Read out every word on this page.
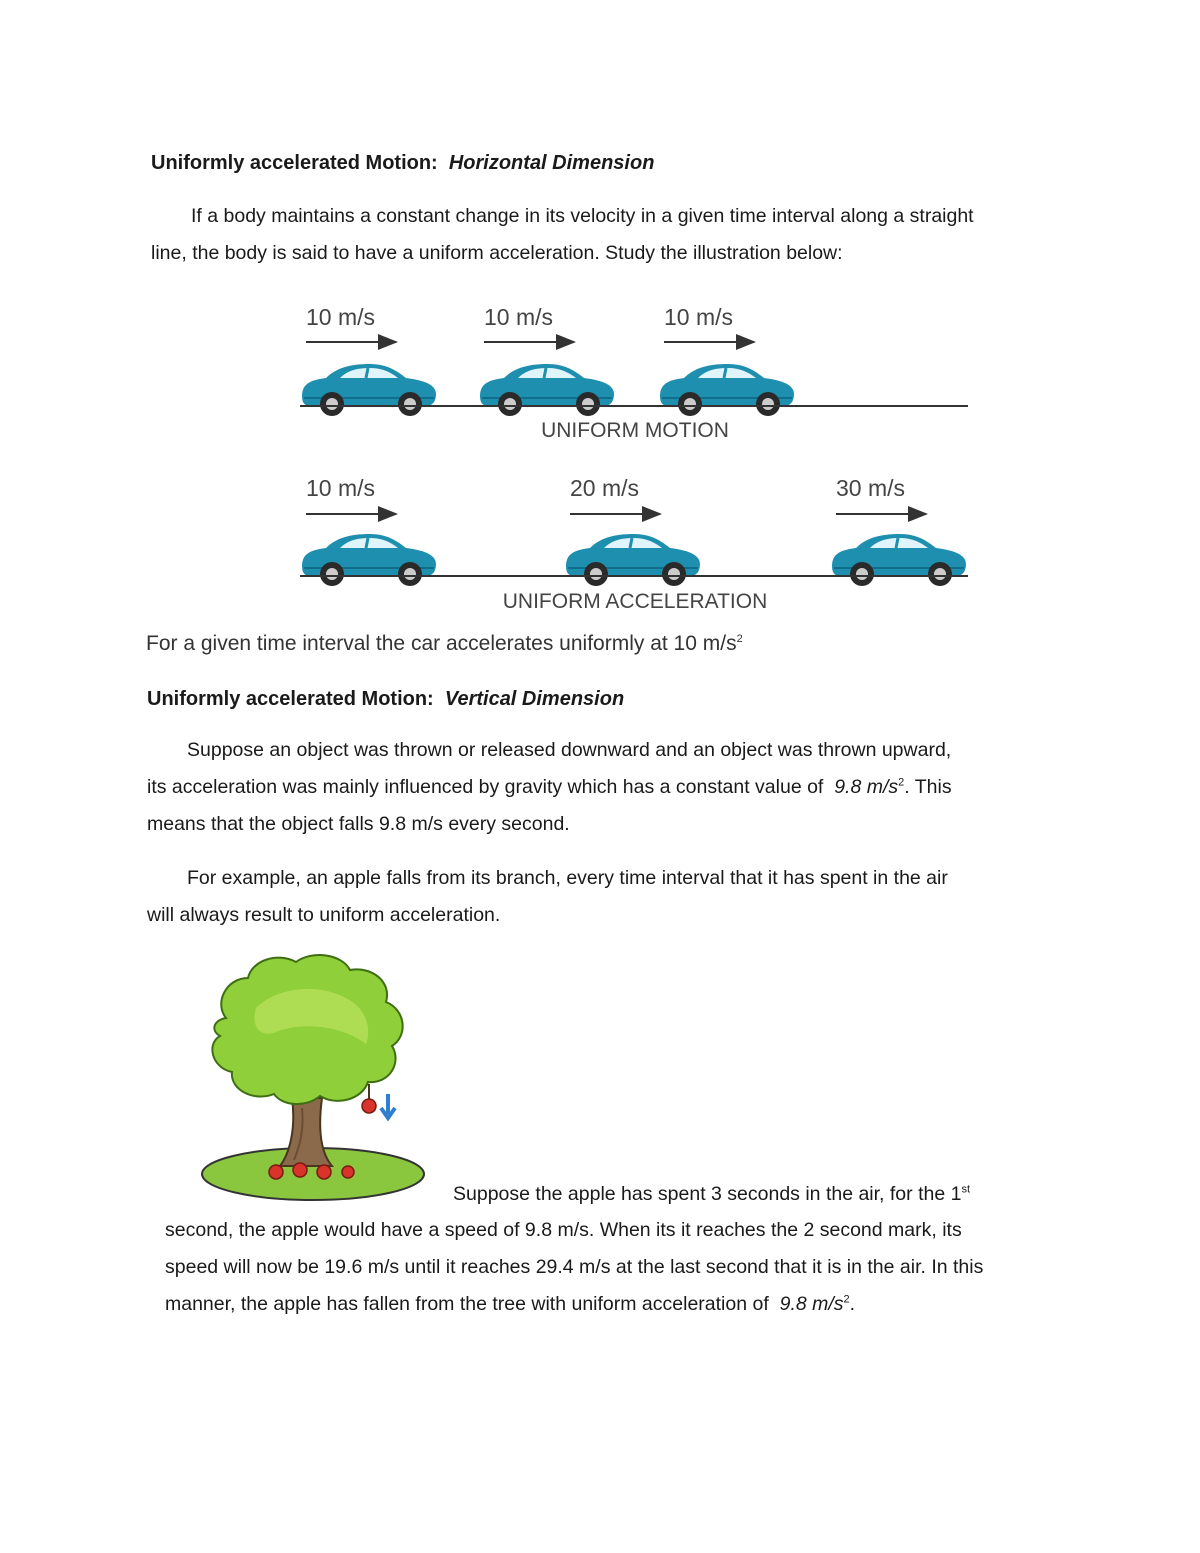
Uniformly accelerated Motion: Horizontal Dimension
If a body maintains a constant change in its velocity in a given time interval along a straight
line, the body is said to have a uniform acceleration. Study the illustration below:
10 m/s	10 m/s	10 m/s
UNIFORM MOTION
10 m/s	20 m/s	30 m/s
UNIFORM ACCELERATION
For a given time interval the car accelerates uniformly at 10 $m/s^2$
Uniformly accelerated Motion: Vertical Dimension
Suppose an object was thrown or released downward and an object was thrown upward,
its acceleration was mainly influenced by gravity which has a constant value of 9.8 $m/s^2$. This
means that the object falls 9.8 m/s every second.
For example, an apple falls from its branch, every time interval that it has spent in the air
will always result to uniform acceleration.
Suppose the apple has spent 3 seconds in the air, for the 1st
second, the apple would have a speed of 9.8 m/s. When its it reaches the 2 second mark, its
speed will now be 19.6 m/s until it reaches 29.4 m/s at the last second that it is in the air. In this
manner, the apple has fallen from the tree with uniform acceleration of 9.8 $m/s^2$.
